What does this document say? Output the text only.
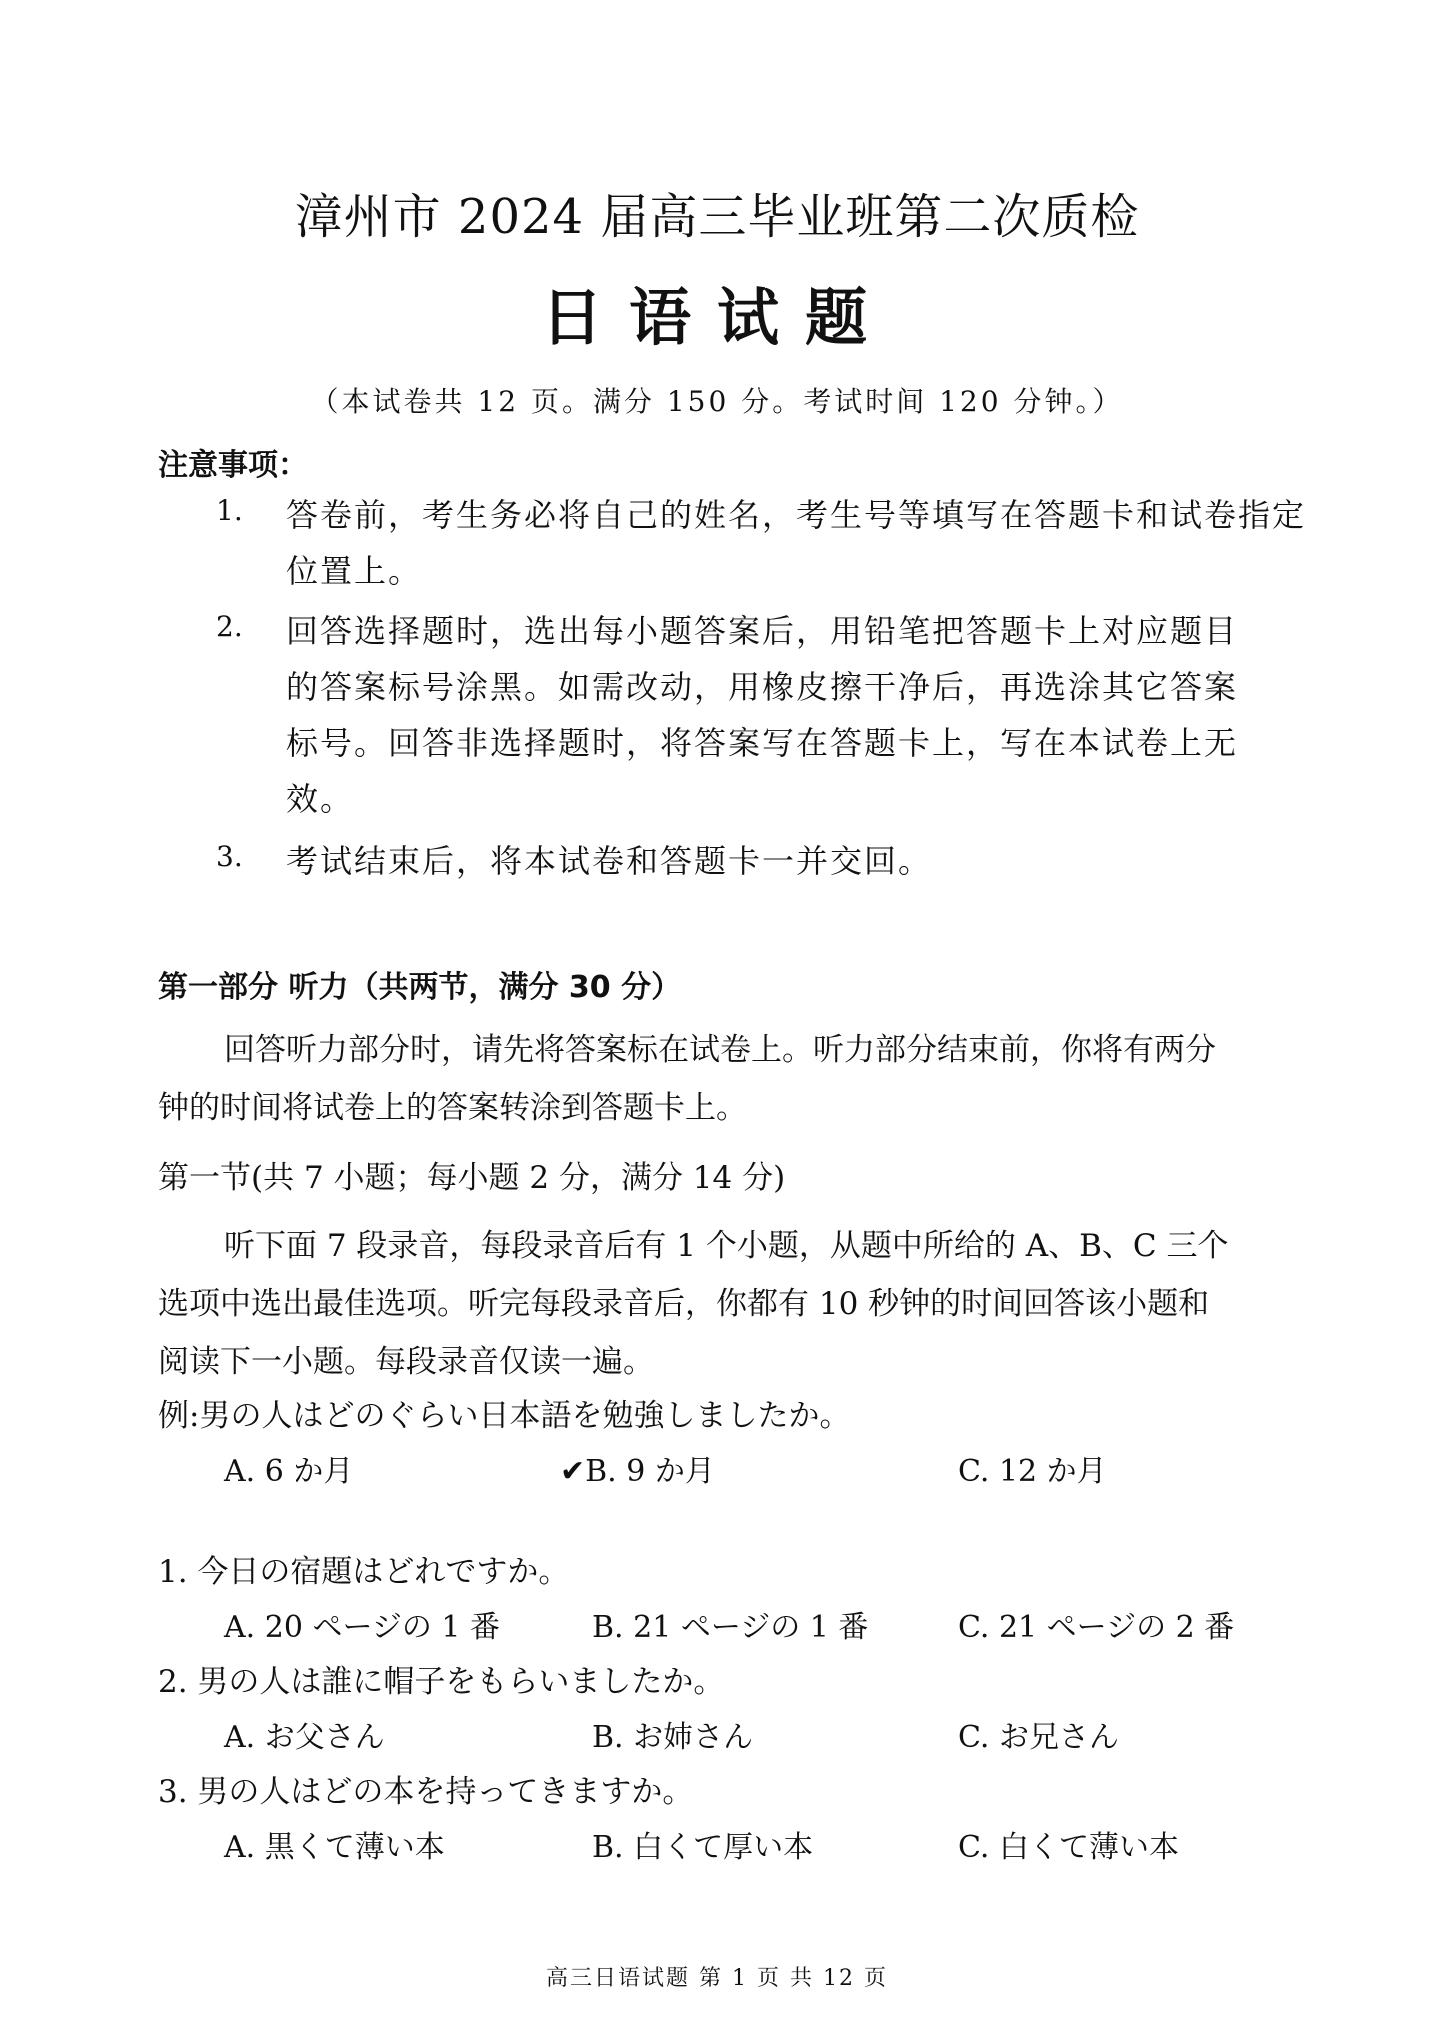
漳州市 2024 届高三毕业班第二次质检
日语试题
（本试卷共 12 页。满分 150 分。考试时间 120 分钟。）
注意事项：
1. 答卷前，考生务必将自己的姓名，考生号等填写在答题卡和试卷指定
位置上。
2. 回答选择题时，选出每小题答案后，用铅笔把答题卡上对应题目
的答案标号涂黑。如需改动，用橡皮擦干净后，再选涂其它答案
标号。回答非选择题时，将答案写在答题卡上，写在本试卷上无
效。
3. 考试结束后，将本试卷和答题卡一并交回。
第一部分 听力（共两节，满分 30 分）
回答听力部分时，请先将答案标在试卷上。听力部分结束前，你将有两分
钟的时间将试卷上的答案转涂到答题卡上。
第一节(共 7 小题；每小题 2 分，满分 14 分)
听下面 7 段录音，每段录音后有 1 个小题，从题中所给的 A、B、C 三个
选项中选出最佳选项。听完每段录音后，你都有 10 秒钟的时间回答该小题和
阅读下一小题。每段录音仅读一遍。
例:男の人はどのぐらい日本語を勉強しましたか。
A. 6 か月	✔B. 9 か月	C. 12 か月
1. 今日の宿題はどれですか。
A. 20 ページの 1 番	B. 21 ページの 1 番	C. 21 ページの 2 番
2. 男の人は誰に帽子をもらいましたか。
A. お父さん	B. お姉さん	C. お兄さん
3. 男の人はどの本を持ってきますか。
A. 黒くて薄い本	B. 白くて厚い本	C. 白くて薄い本
高三日语试题 第 1 页 共 12 页
